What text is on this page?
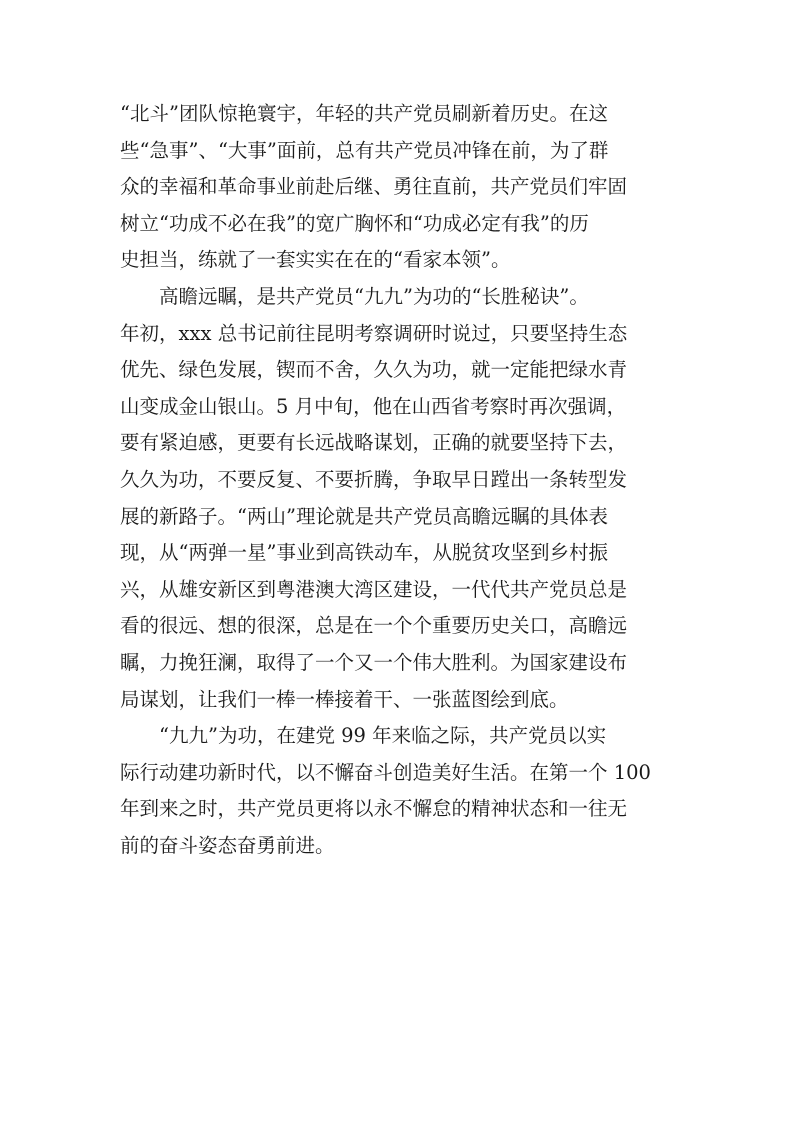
“北斗”团队惊艳寰宇，年轻的共产党员刷新着历史。在这
些“急事”、“大事”面前，总有共产党员冲锋在前，为了群
众的幸福和革命事业前赴后继、勇往直前，共产党员们牢固
树立“功成不必在我”的宽广胸怀和“功成必定有我”的历
史担当，练就了一套实实在在的“看家本领”。
高瞻远瞩，是共产党员“九九”为功的“长胜秘诀”。
年初，xxx 总书记前往昆明考察调研时说过，只要坚持生态
优先、绿色发展，锲而不舍，久久为功，就一定能把绿水青
山变成金山银山。5 月中旬，他在山西省考察时再次强调，
要有紧迫感，更要有长远战略谋划，正确的就要坚持下去，
久久为功，不要反复、不要折腾，争取早日蹚出一条转型发
展的新路子。“两山”理论就是共产党员高瞻远瞩的具体表
现，从“两弹一星”事业到高铁动车，从脱贫攻坚到乡村振
兴，从雄安新区到粤港澳大湾区建设，一代代共产党员总是
看的很远、想的很深，总是在一个个重要历史关口，高瞻远
瞩，力挽狂澜，取得了一个又一个伟大胜利。为国家建设布
局谋划，让我们一棒一棒接着干、一张蓝图绘到底。
“九九”为功，在建党 99 年来临之际，共产党员以实
际行动建功新时代，以不懈奋斗创造美好生活。在第一个 100
年到来之时，共产党员更将以永不懈怠的精神状态和一往无
前的奋斗姿态奋勇前进。
